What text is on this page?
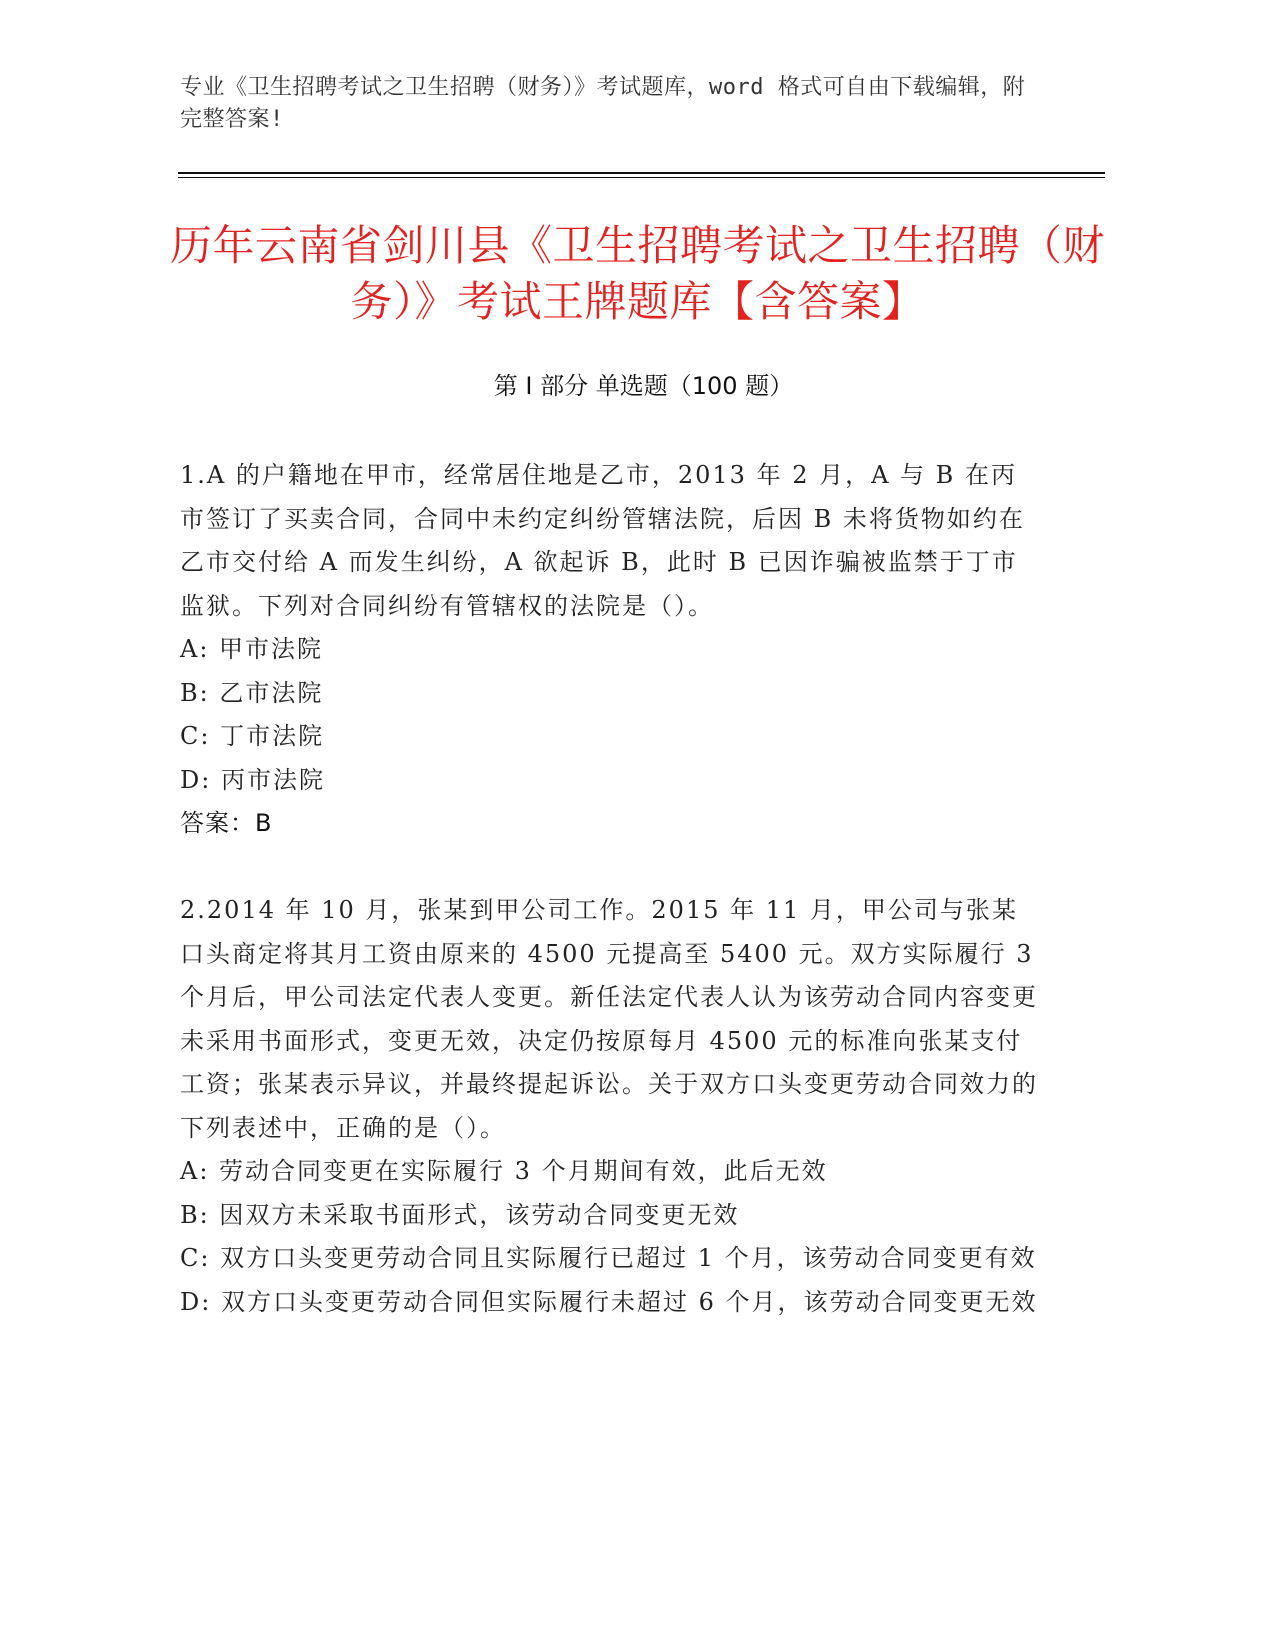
专业《卫生招聘考试之卫生招聘（财务）》考试题库，word 格式可自由下载编辑，附完整答案!
历年云南省剑川县《卫生招聘考试之卫生招聘（财务）》考试王牌题库【含答案】
第 I 部分 单选题（100 题）

1.A 的户籍地在甲市，经常居住地是乙市，2013 年 2 月，A 与 B 在丙市签订了买卖合同，合同中未约定纠纷管辖法院，后因 B 未将货物如约在乙市交付给 A 而发生纠纷，A 欲起诉 B，此时 B 已因诈骗被监禁于丁市监狱。下列对合同纠纷有管辖权的法院是（）。

A: 甲市法院
B: 乙市法院
C: 丁市法院
D: 丙市法院
答案：B

2.2014 年 10 月，张某到甲公司工作。2015 年 11 月，甲公司与张某口头商定将其月工资由原来的 4500 元提高至 5400 元。双方实际履行 3 个月后，甲公司法定代表人变更。新任法定代表人认为该劳动合同内容变更未采用书面形式，变更无效，决定仍按原每月 4500 元的标准向张某支付工资；张某表示异议，并最终提起诉讼。关于双方口头变更劳动合同效力的下列表述中，正确的是（）。

A: 劳动合同变更在实际履行 3 个月期间有效，此后无效
B: 因双方未采取书面形式，该劳动合同变更无效
C: 双方口头变更劳动合同且实际履行已超过 1 个月，该劳动合同变更有效
D: 双方口头变更劳动合同但实际履行未超过 6 个月，该劳动合同变更无效
